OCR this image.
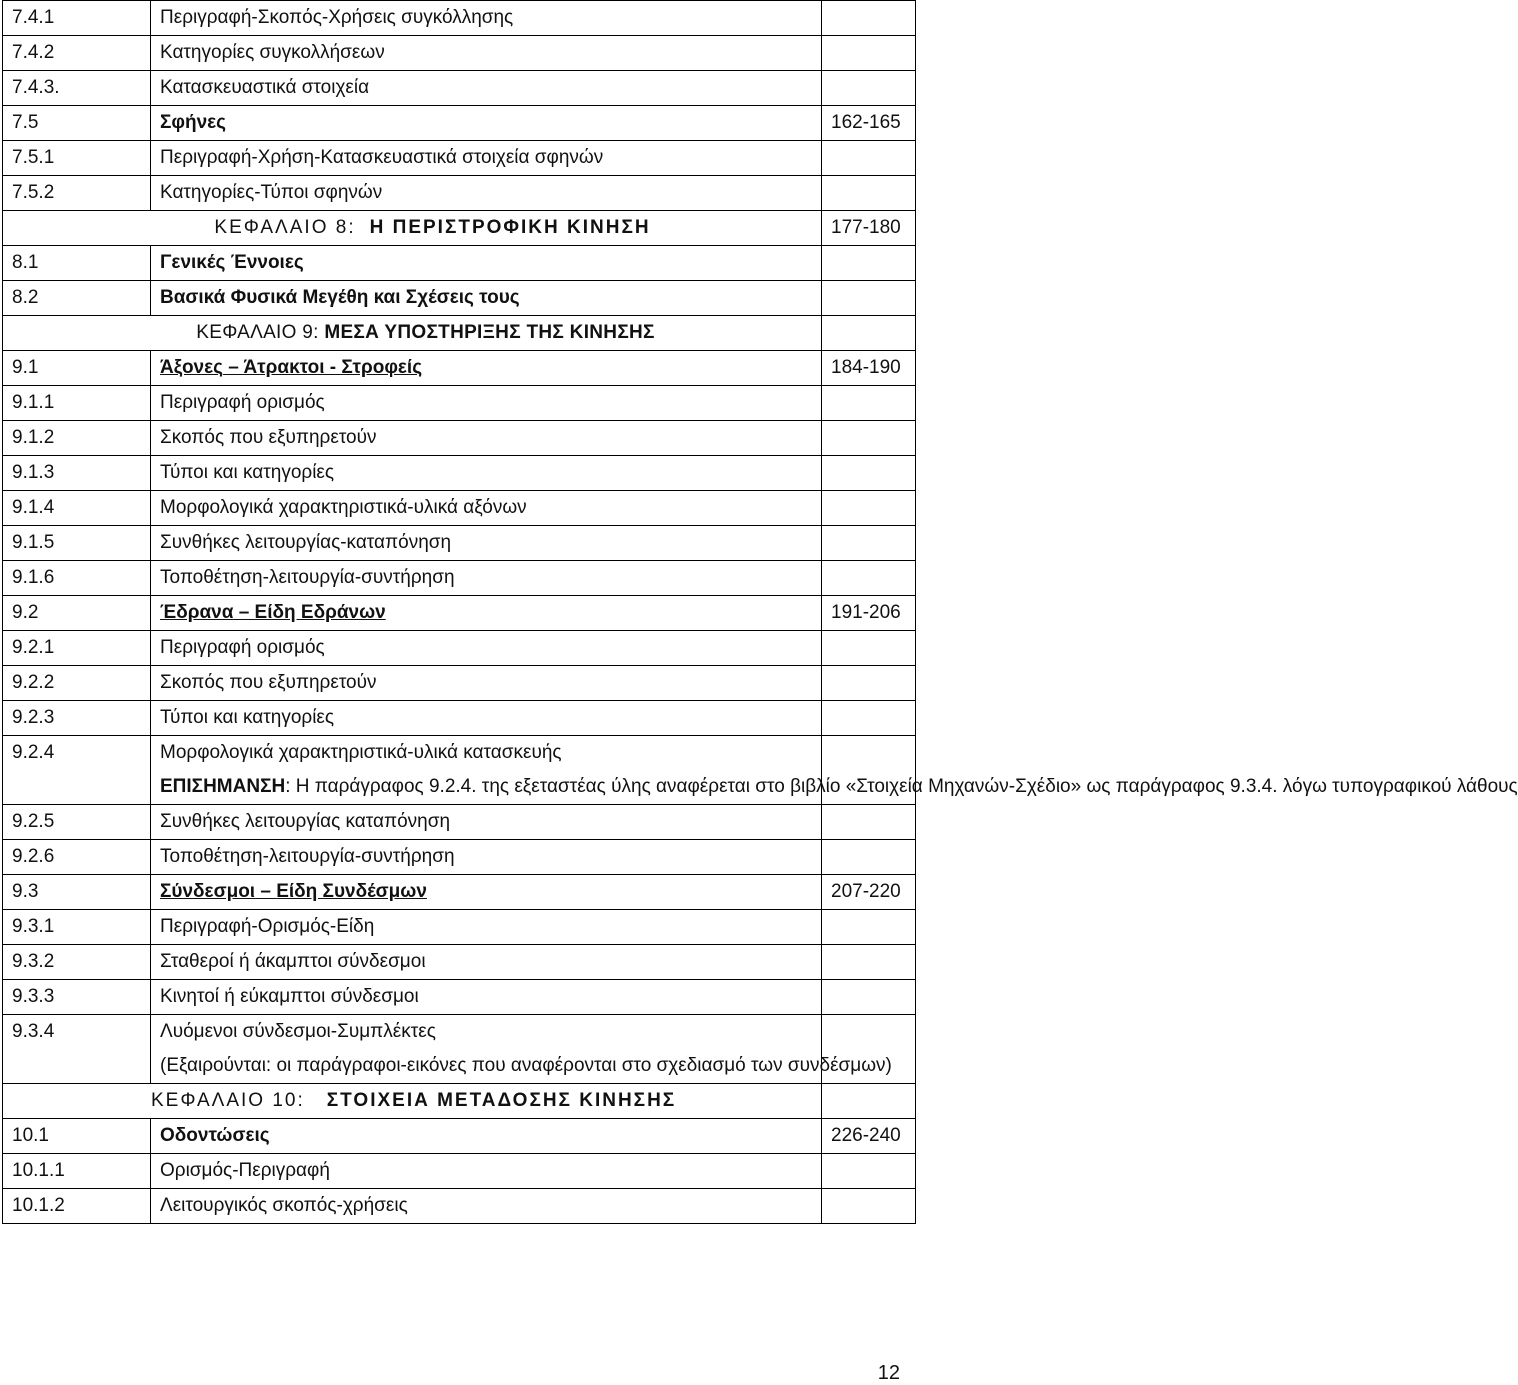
7.4.1	Περιγραφή-Σκοπός-Χρήσεις συγκόλλησης	
7.4.2	Κατηγορίες συγκολλήσεων	
7.4.3.	Κατασκευαστικά στοιχεία	
7.5	Σφήνες	162-165
7.5.1	Περιγραφή-Χρήση-Κατασκευαστικά στοιχεία σφηνών	
7.5.2	Κατηγορίες-Τύποι σφηνών	
ΚΕΦΑΛΑΙΟ 8: Η ΠΕΡΙΣΤΡΟΦΙΚΗ ΚΙΝΗΣΗ		177-180
8.1	Γενικές Έννοιες	
8.2	Βασικά Φυσικά Μεγέθη και Σχέσεις τους	
ΚΕΦΑΛΑΙΟ 9: ΜΕΣΑ ΥΠΟΣΤΗΡΙΞΗΣ ΤΗΣ ΚΙΝΗΣΗΣ		
9.1	Άξονες – Άτρακτοι - Στροφείς	184-190
9.1.1	Περιγραφή ορισμός	
9.1.2	Σκοπός που εξυπηρετούν	
9.1.3	Τύποι και κατηγορίες	
9.1.4	Μορφολογικά χαρακτηριστικά-υλικά αξόνων	
9.1.5	Συνθήκες λειτουργίας-καταπόνηση	
9.1.6	Τοποθέτηση-λειτουργία-συντήρηση	
9.2	Έδρανα – Είδη Εδράνων	191-206
9.2.1	Περιγραφή ορισμός	
9.2.2	Σκοπός που εξυπηρετούν	
9.2.3	Τύποι και κατηγορίες	
9.2.4	Μορφολογικά χαρακτηριστικά-υλικά κατασκευής
ΕΠΙΣΗΜΑΝΣΗ: Η παράγραφος 9.2.4. της εξεταστέας ύλης αναφέρεται στο βιβλίο «Στοιχεία Μηχανών-Σχέδιο» ως παράγραφος 9.3.4. λόγω τυπογραφικού λάθους	

9.2.5	Συνθήκες λειτουργίας καταπόνηση	
9.2.6	Τοποθέτηση-λειτουργία-συντήρηση	
9.3	Σύνδεσμοι – Είδη Συνδέσμων	207-220
9.3.1	Περιγραφή-Ορισμός-Είδη	
9.3.2	Σταθεροί ή άκαμπτοι σύνδεσμοι	
9.3.3	Κινητοί ή εύκαμπτοι σύνδεσμοι	
9.3.4	Λυόμενοι σύνδεσμοι-Συμπλέκτες
(Εξαιρούνται: οι παράγραφοι-εικόνες που αναφέρονται στο σχεδιασμό των συνδέσμων)	

ΚΕΦΑΛΑΙΟ 10: ΣΤΟΙΧΕΙΑ ΜΕΤΑΔΟΣΗΣ ΚΙΝΗΣΗΣ		
10.1	Οδοντώσεις	226-240
10.1.1	Ορισμός-Περιγραφή	
10.1.2	Λειτουργικός σκοπός-χρήσεις	
12
